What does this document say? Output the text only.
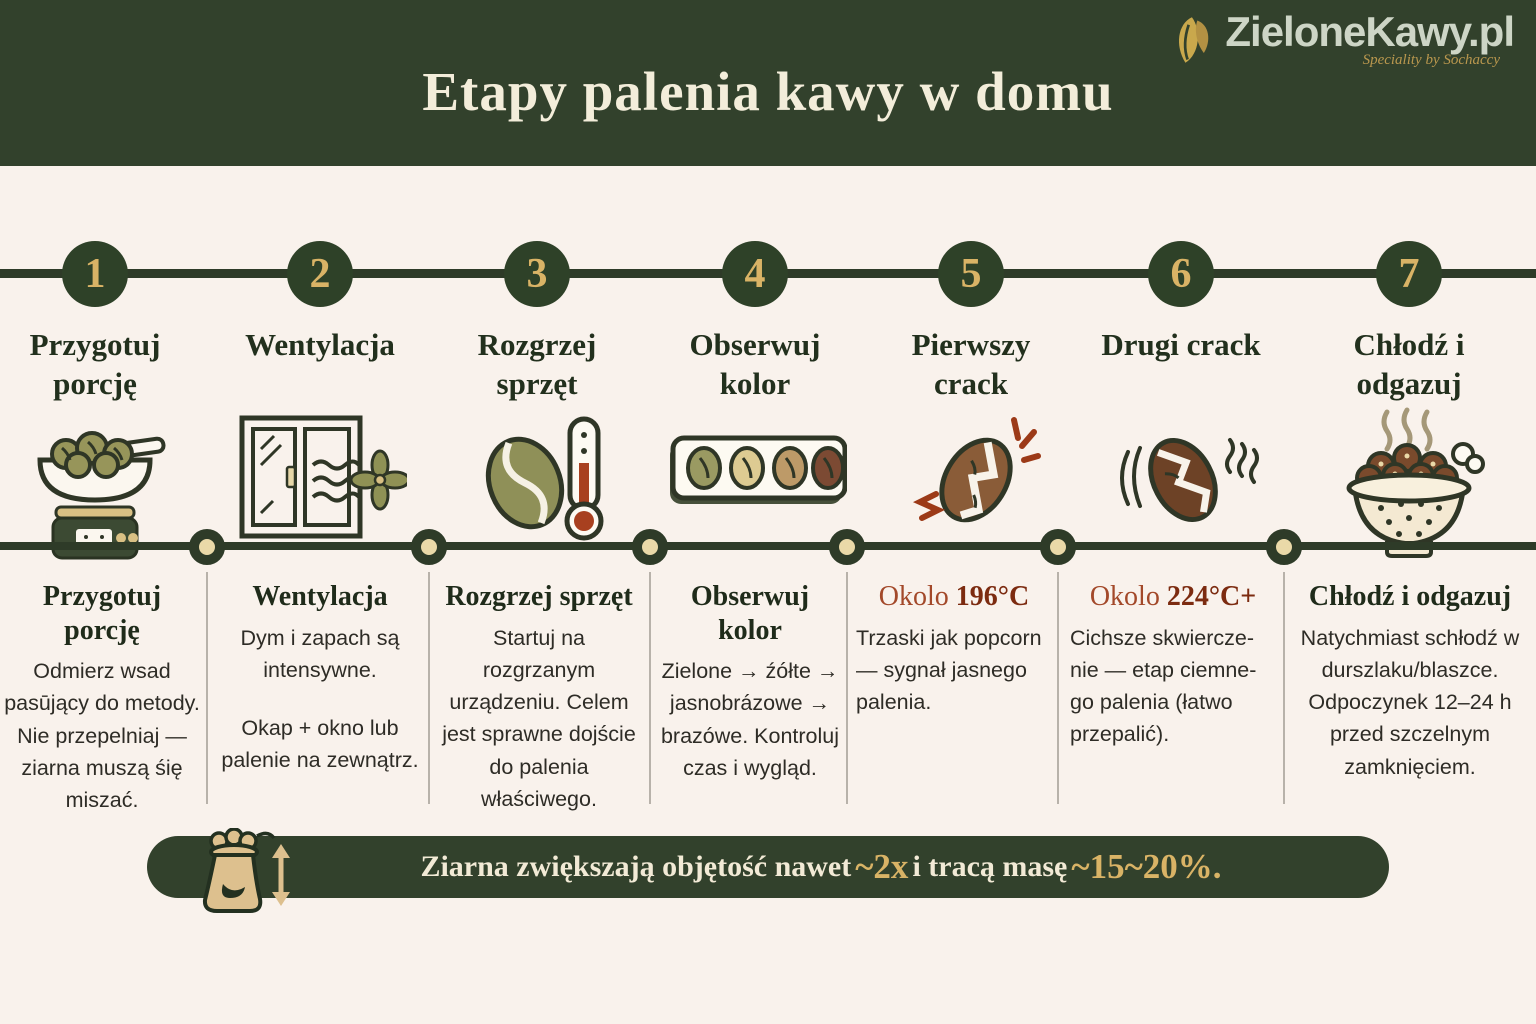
Etapy palenia kawy w domu
ZieloneKawy.pl
Speciality by Sochaccy
1	2	3	4	5	6	7
Przygotuj porcję
Wentylacja	Rozgrzej sprzęt
Obserwuj kolor
Pierwszy crack
Drugi crack	Chłodź i odgazuj
Przygotuj porcję

Odmierz wsad pasūjący do metody. Nie przepelniaj — ziarna muszą śię miszać.

Wentylacja

Dym i zapach są intensywne.

Okap + okno lub palenie na zewnątrz.

Rozgrzej sprzęt

Startuj na rozgrzanym urządzeniu. Celem jest sprawne dojście do palenia właściwego.

Obserwuj kolor

Zielone → źółte → jasnobrázowe → brazówe. Kontroluj czas i wygląd.

Okolo 196°C

Trzaski jak popcorn — sygnał jasnego palenia.

Okolo 224°C+

Cichsze skwiercze-nie — etap ciemne-go palenia (łatwo przepalić).

Chłodź i odgazuj

Natychmiast schłodź w durszlaku/blaszce. Odpoczynek 12–24 h przed szczelnym zamknięciem.

Ziarna zwiększają objętość nawet ~2x i tracą masę ~15~20%.
